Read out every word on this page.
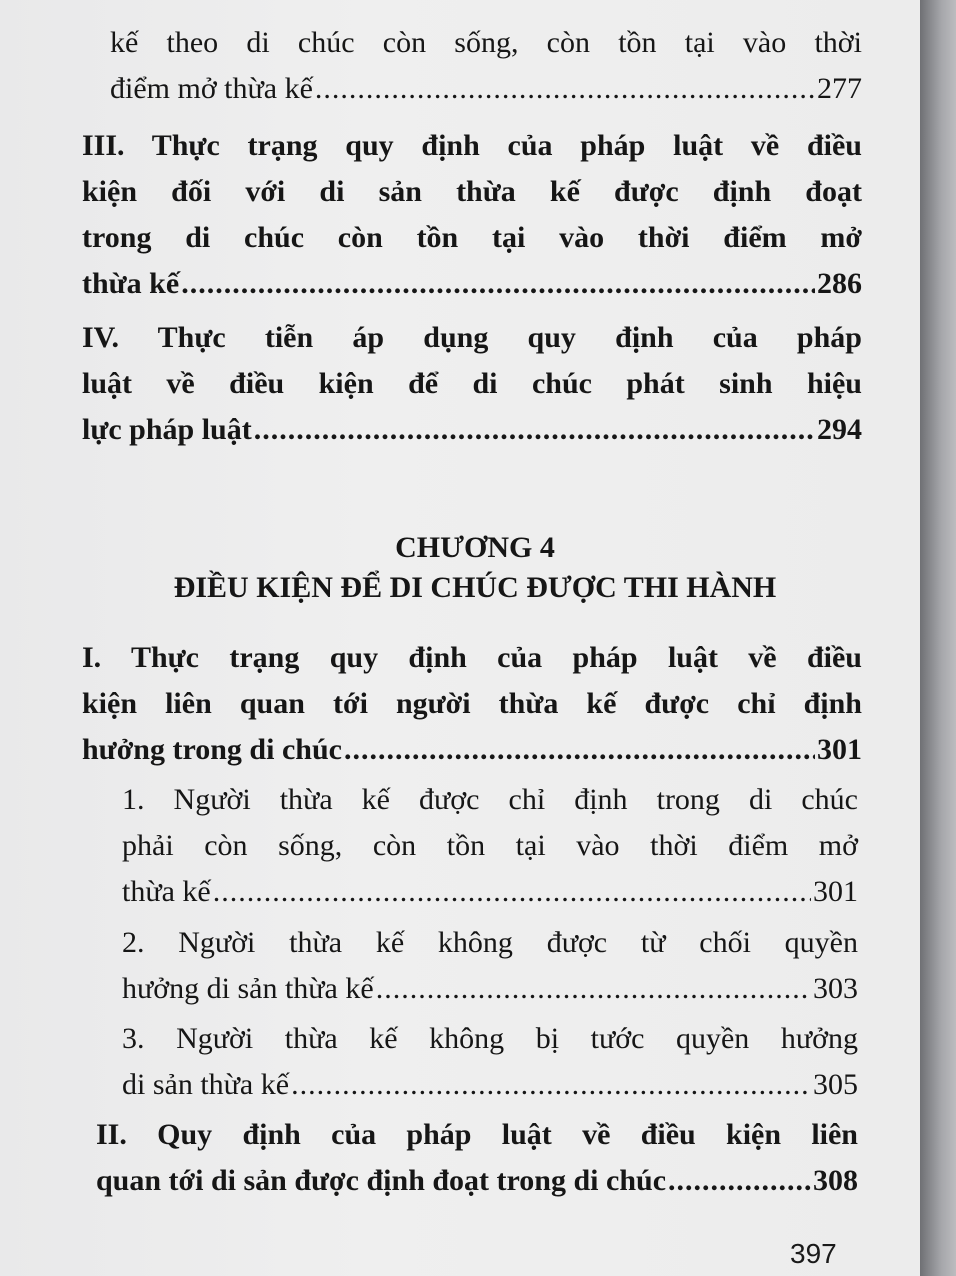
kế theo di chúc còn sống, còn tồn tại vào thời
điểm mở thừa kế .....	277
III. Thực trạng quy định của pháp luật về điều
kiện đối với di sản thừa kế được định đoạt
trong di chúc còn tồn tại vào thời điểm mở
thừa kế .....	286
IV. Thực tiễn áp dụng quy định của pháp
luật về điều kiện để di chúc phát sinh hiệu
lực pháp luật .....	294
CHƯƠNG 4
ĐIỀU KIỆN ĐỂ DI CHÚC ĐƯỢC THI HÀNH
I. Thực trạng quy định của pháp luật về điều
kiện liên quan tới người thừa kế được chỉ định
hưởng trong di chúc .....	301
1. Người thừa kế được chỉ định trong di chúc
phải còn sống, còn tồn tại vào thời điểm mở
thừa kế .....	301
2. Người thừa kế không được từ chối quyền
hưởng di sản thừa kế .....	303
3. Người thừa kế không bị tước quyền hưởng
di sản thừa kế .....	305
II. Quy định của pháp luật về điều kiện liên
quan tới di sản được định đoạt trong di chúc .....	308
397
